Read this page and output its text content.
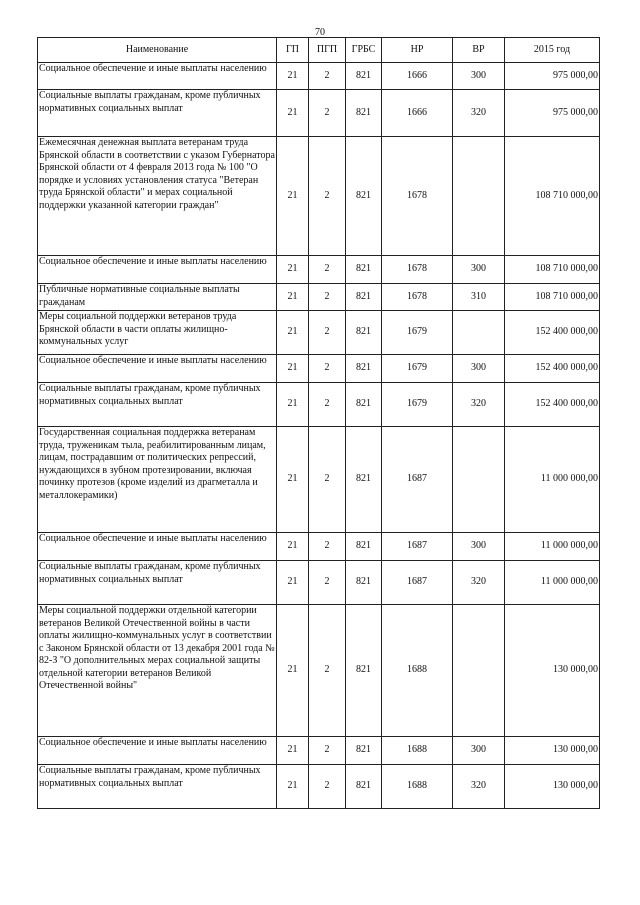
70
Наименование	ГП	ПГП	ГРБС	НР	ВР	2015 год
Социальное обеспечение и иные выплаты населению	21	2	821	1666	300	975 000,00
Социальные выплаты гражданам, кроме публичных нормативных социальных выплат	21	2	821	1666	320	975 000,00
Ежемесячная денежная выплата ветеранам труда Брянской области в соответствии с указом Губернатора Брянской области от 4 февраля 2013 года № 100 "О порядке и условиях установления статуса "Ветеран труда Брянской области" и мерах социальной поддержки указанной категории граждан"	21	2	821	1678		108 710 000,00
Социальное обеспечение и иные выплаты населению	21	2	821	1678	300	108 710 000,00
Публичные нормативные социальные выплаты гражданам	21	2	821	1678	310	108 710 000,00
Меры социальной поддержки ветеранов труда Брянской области в части оплаты жилищно-коммунальных услуг	21	2	821	1679		152 400 000,00
Социальное обеспечение и иные выплаты населению	21	2	821	1679	300	152 400 000,00
Социальные выплаты гражданам, кроме публичных нормативных социальных выплат	21	2	821	1679	320	152 400 000,00
Государственная социальная поддержка ветеранам труда, труженикам тыла, реабилитированным лицам, лицам, пострадавшим от политических репрессий, нуждающихся в зубном протезировании, включая починку протезов (кроме изделий из драгметалла и металлокерамики)	21	2	821	1687		11 000 000,00
Социальное обеспечение и иные выплаты населению	21	2	821	1687	300	11 000 000,00
Социальные выплаты гражданам, кроме публичных нормативных социальных выплат	21	2	821	1687	320	11 000 000,00
Меры социальной поддержки отдельной категории ветеранов Великой Отечественной войны в части оплаты жилищно-коммунальных услуг в соответствии с Законом Брянской области от 13 декабря 2001 года № 82-З "О дополнительных мерах социальной защиты отдельной категории ветеранов Великой Отечественной войны"	21	2	821	1688		130 000,00
Социальное обеспечение и иные выплаты населению	21	2	821	1688	300	130 000,00
Социальные выплаты гражданам, кроме публичных нормативных социальных выплат	21	2	821	1688	320	130 000,00
